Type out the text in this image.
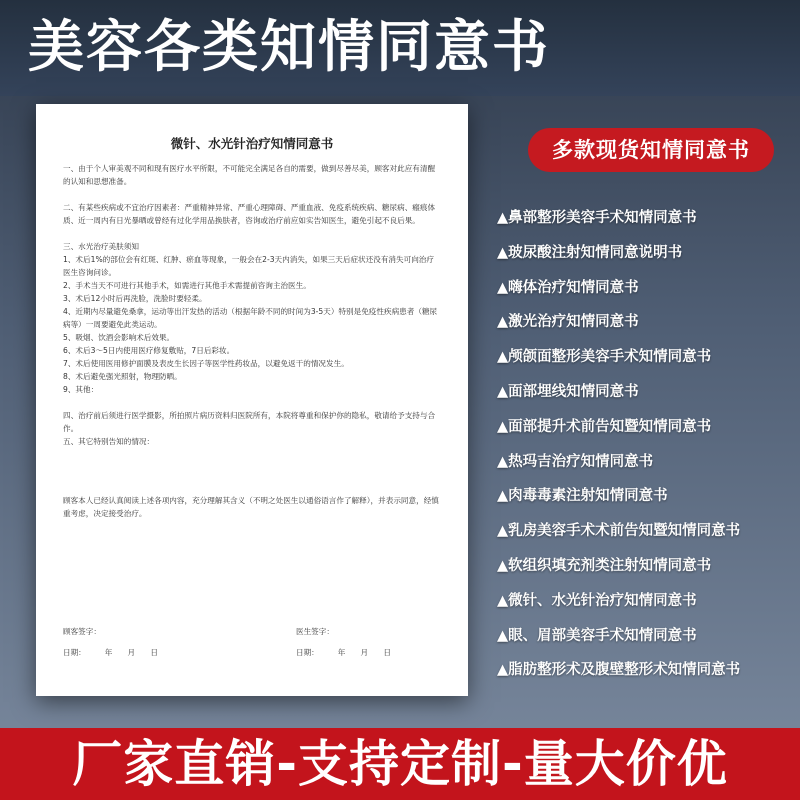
美容各类知情同意书
微针、水光针治疗知情同意书

一、由于个人审美观不同和现有医疗水平所限，不可能完全满足各自的需要，做到尽善尽美，顾客对此应有清醒的认知和思想准备。

二、有某些疾病或不宜治疗因素者：严重精神异常、严重心理障碍、严重血液、免疫系统疾病、糖尿病、瘢痕体质、近一周内有日光暴晒或曾经有过化学用品换肤者，咨询或治疗前应如实告知医生，避免引起不良后果。

三、水光治疗美肤须知

1、术后1%的部位会有红斑、红肿、瘀血等现象，一般会在2-3天内消失，如果三天后症状还没有消失可向治疗医生咨询问诊。

2、手术当天不可进行其他手术，如需进行其他手术需提前咨询主治医生。

3、术后12小时后再洗脸，洗脸时要轻柔。

4、近期内尽量避免桑拿，运动等出汗发热的活动（根据年龄不同的时间为3-5天）特别是免疫性疾病患者（糖尿病等）一周要避免此类运动。

5、吸烟、饮酒会影响术后效果。

6、术后3～5日内使用医疗修复敷贴，7日后彩妆。

7、术后使用医用修护面膜及表皮生长因子等医学性药妆品，以避免返干的情况发生。

8、术后避免强光照射，物理防晒。

9、其他：

四、治疗前后须进行医学摄影，所拍照片病历资料归医院所有，本院将尊重和保护你的隐私，敬请给予支持与合作。

五、其它特别告知的情况：

顾客本人已经认真阅读上述各项内容，充分理解其含义（不明之处医生以通俗语言作了解释），并表示同意，经慎重考虑，决定接受治疗。

顾客签字：	医生签字：
日期：　　　年　　月　　日	日期：　　　年　　月　　日
多款现货知情同意书
▲鼻部整形美容手术知情同意书
▲玻尿酸注射知情同意说明书
▲嗨体治疗知情同意书
▲激光治疗知情同意书
▲颅颌面整形美容手术知情同意书
▲面部埋线知情同意书
▲面部提升术前告知暨知情同意书
▲热玛吉治疗知情同意书
▲肉毒毒素注射知情同意书
▲乳房美容手术术前告知暨知情同意书
▲软组织填充剂类注射知情同意书
▲微针、水光针治疗知情同意书
▲眼、眉部美容手术知情同意书
▲脂肪整形术及腹壁整形术知情同意书
厂家直销-支持定制-量大价优
